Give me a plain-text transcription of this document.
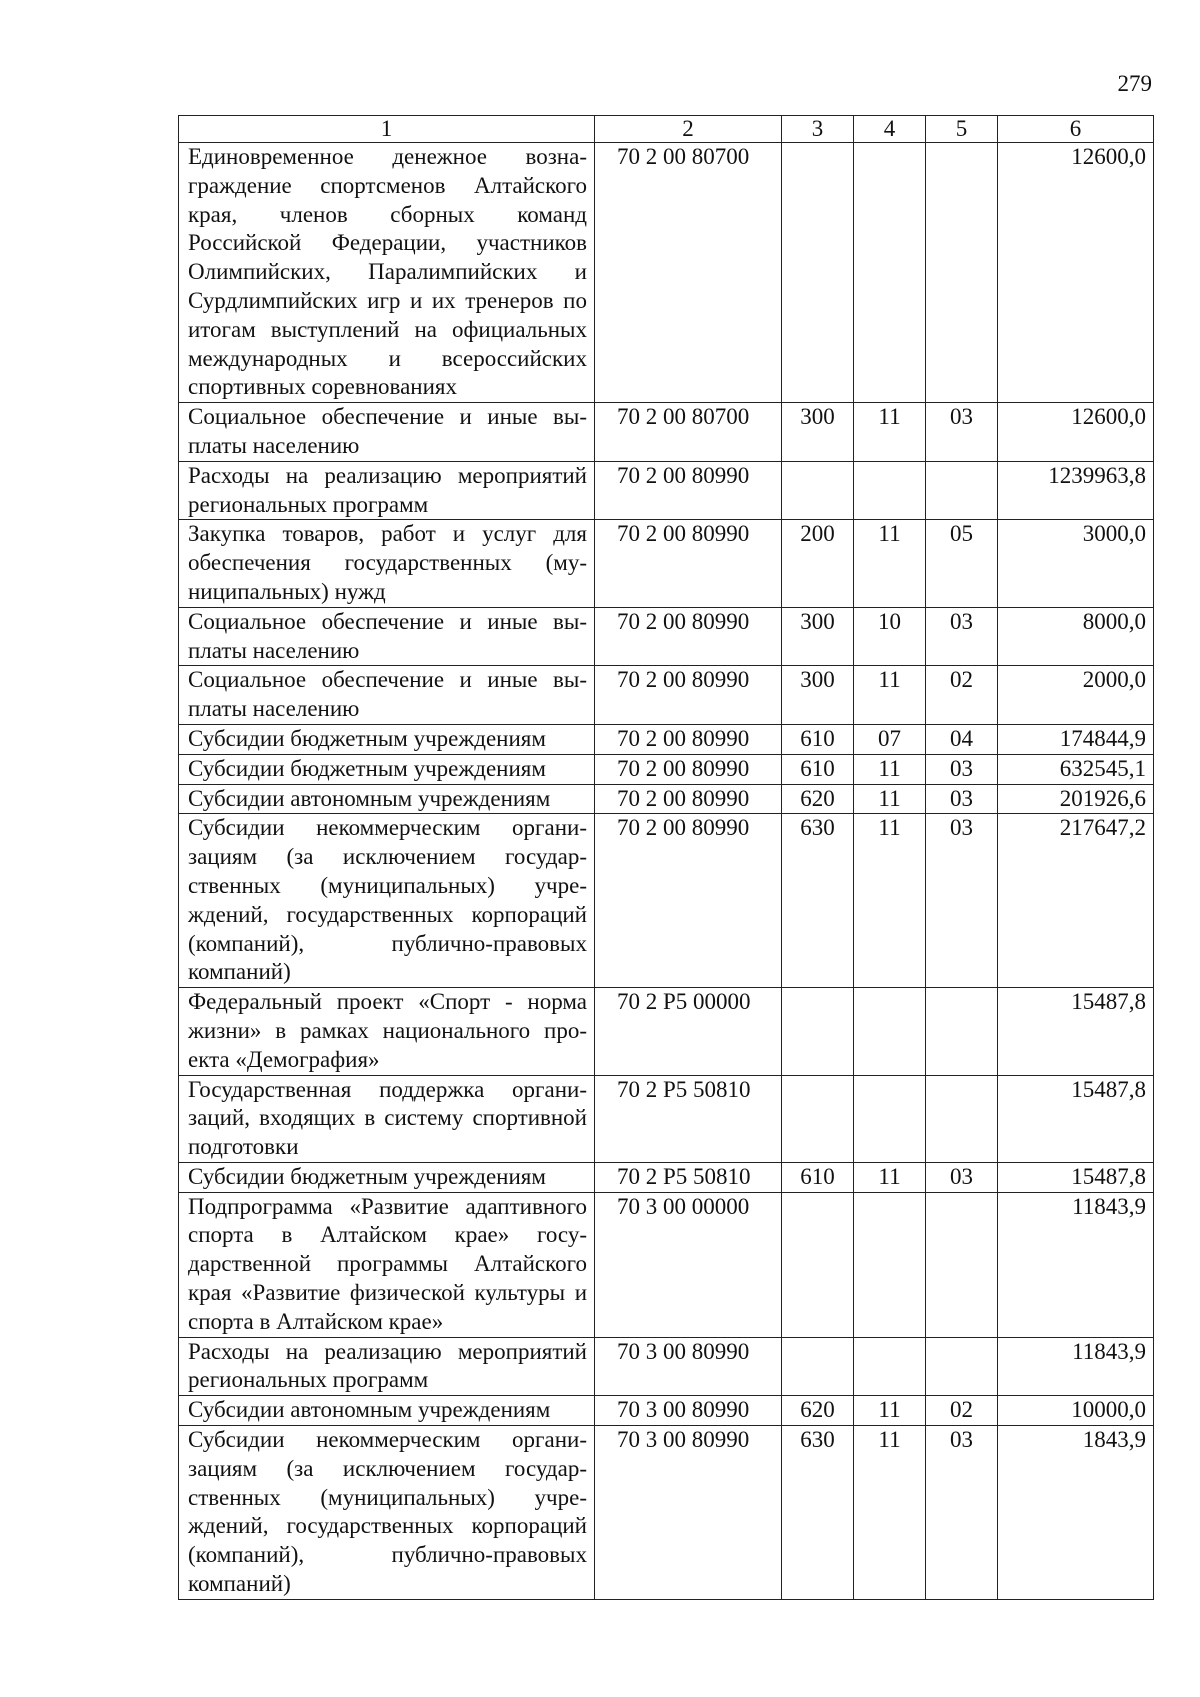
279
1	2	3	4	5	6
Единовременное денежное вознаграждение спортсменов Алтайского края, членов сборных команд Российской Федерации, участников Олимпийских, Паралимпийских и Сурдлимпийских игр и их тренеров по итогам выступлений на официальных международных и всероссийских спортивных соревнованиях	70 2 00 80700				12600,0
Социальное обеспечение и иные выплаты населению	70 2 00 80700	300	11	03	12600,0
Расходы на реализацию мероприятий региональных программ	70 2 00 80990				1239963,8
Закупка товаров, работ и услуг для обеспечения государственных (муниципальных) нужд	70 2 00 80990	200	11	05	3000,0
Социальное обеспечение и иные выплаты населению	70 2 00 80990	300	10	03	8000,0
Социальное обеспечение и иные выплаты населению	70 2 00 80990	300	11	02	2000,0
Субсидии бюджетным учреждениям	70 2 00 80990	610	07	04	174844,9
Субсидии бюджетным учреждениям	70 2 00 80990	610	11	03	632545,1
Субсидии автономным учреждениям	70 2 00 80990	620	11	03	201926,6
Субсидии некоммерческим организациям (за исключением государственных (муниципальных) учреждений, государственных корпораций (компаний), публично-правовых компаний)	70 2 00 80990	630	11	03	217647,2
Федеральный проект «Спорт - норма жизни» в рамках национального проекта «Демография»	70 2 P5 00000				15487,8
Государственная поддержка организаций, входящих в систему спортивной подготовки	70 2 P5 50810				15487,8
Субсидии бюджетным учреждениям	70 2 P5 50810	610	11	03	15487,8
Подпрограмма «Развитие адаптивного спорта в Алтайском крае» государственной программы Алтайского края «Развитие физической культуры и спорта в Алтайском крае»	70 3 00 00000				11843,9
Расходы на реализацию мероприятий региональных программ	70 3 00 80990				11843,9
Субсидии автономным учреждениям	70 3 00 80990	620	11	02	10000,0
Субсидии некоммерческим организациям (за исключением государственных (муниципальных) учреждений, государственных корпораций (компаний), публично-правовых компаний)	70 3 00 80990	630	11	03	1843,9
